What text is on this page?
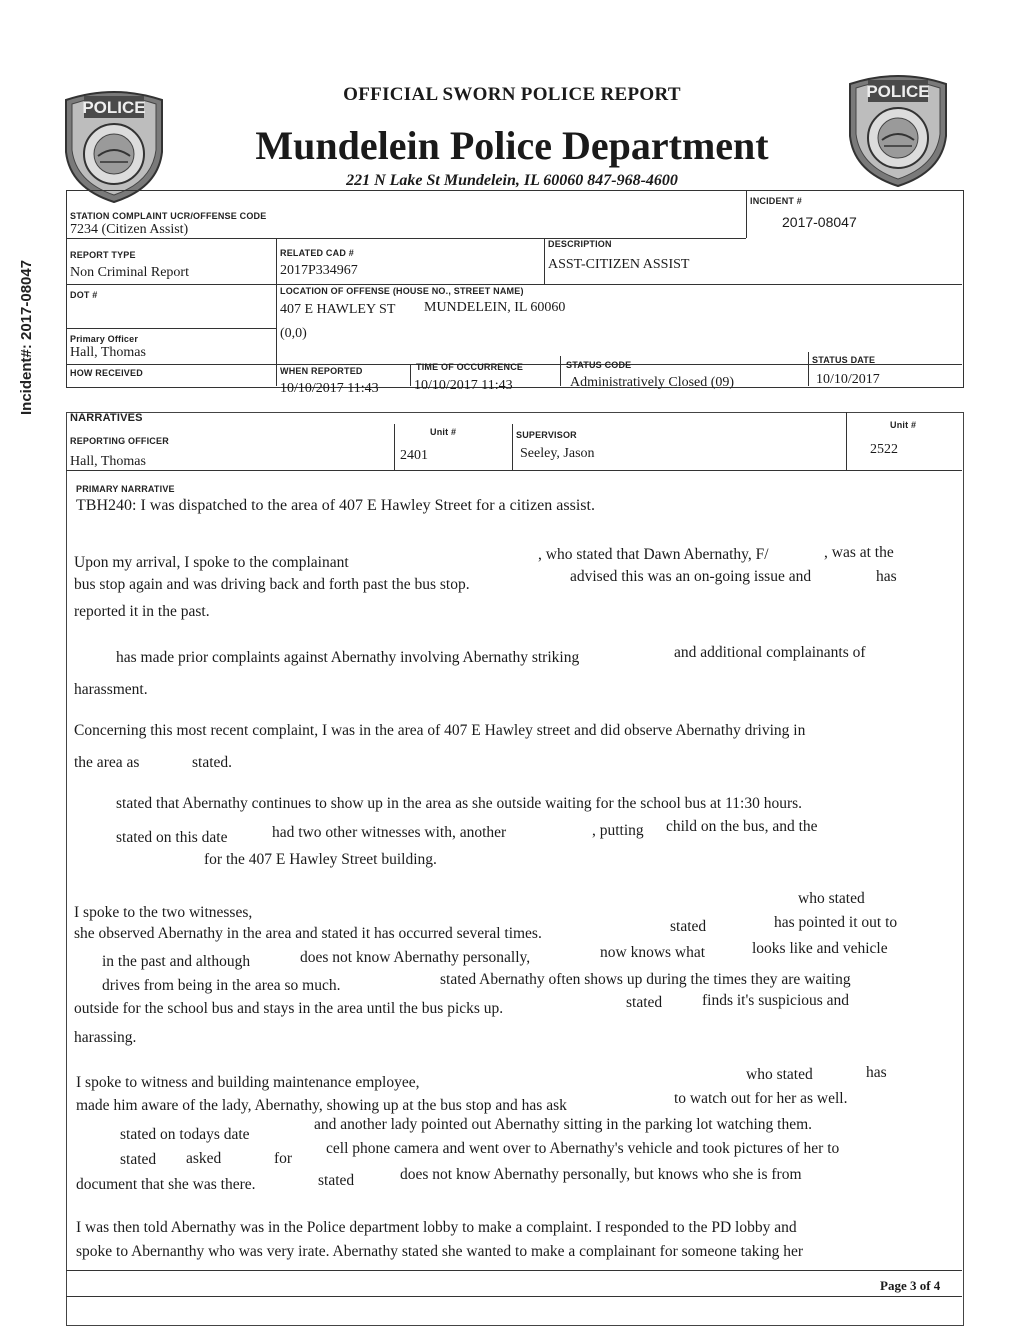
Incident#: 2017-08047
POLICE
POLICE
OFFICIAL SWORN POLICE REPORT
Mundelein Police Department
221 N Lake St Mundelein, IL 60060 847-968-4600
STATION COMPLAINT UCR/OFFENSE CODE
7234 (Citizen Assist)
INCIDENT #
2017-08047
REPORT TYPE
Non Criminal Report
RELATED CAD #
2017P334967
DESCRIPTION
ASST-CITIZEN ASSIST
DOT #	LOCATION OF OFFENSE (HOUSE NO., STREET NAME)
407 E HAWLEY ST MUNDELEIN, IL 60060
(0,0)
Primary Officer
Hall, Thomas
HOW RECEIVED	WHEN REPORTED
10/10/2017 11:43
TIME OF OCCURRENCE
10/10/2017 11:43
STATUS CODE
Administratively Closed (09)
STATUS DATE
10/10/2017
NARRATIVES
REPORTING OFFICER
Hall, Thomas
Unit #
2401
SUPERVISOR
Seeley, Jason
Unit #
2522
PRIMARY NARRATIVE
TBH240: I was dispatched to the area of 407 E Hawley Street for a citizen assist.
Upon my arrival, I spoke to the complainant	, who stated that Dawn Abernathy, F/	, was at the
bus stop again and was driving back and forth past the bus stop.	advised this was an on-going issue and	has
reported it in the past.
has made prior complaints against Abernathy involving Abernathy striking	and additional complainants of
harassment.
Concerning this most recent complaint, I was in the area of 407 E Hawley street and did observe Abernathy driving in
the area as	stated.
stated that Abernathy continues to show up in the area as she outside waiting for the school bus at 11:30 hours.
stated on this date	had two other witnesses with, another	, putting child on the bus, and the
for the 407 E Hawley Street building.
who stated
I spoke to the two witnesses,
she observed Abernathy in the area and stated it has occurred several times.	stated	has pointed it out to
in the past and although	does not know Abernathy personally,	now knows what	looks like and vehicle
drives from being in the area so much.	stated Abernathy often shows up during the times they are waiting
outside for the school bus and stays in the area until the bus picks up.	stated	finds it's suspicious and
harassing.
I spoke to witness and building maintenance employee,	who stated	has
made him aware of the lady, Abernathy, showing up at the bus stop and has ask	to watch out for her as well.
stated on todays date
and another lady pointed out Abernathy sitting in the parking lot watching them.
stated asked	for
cell phone camera and went over to Abernathy's vehicle and took pictures of her to
document that she was there.	stated	does not know Abernathy personally, but knows who she is from
I was then told Abernathy was in the Police department lobby to make a complaint. I responded to the PD lobby and
spoke to Abernanthy who was very irate. Abernathy stated she wanted to make a complainant for someone taking her
Page 3 of 4
